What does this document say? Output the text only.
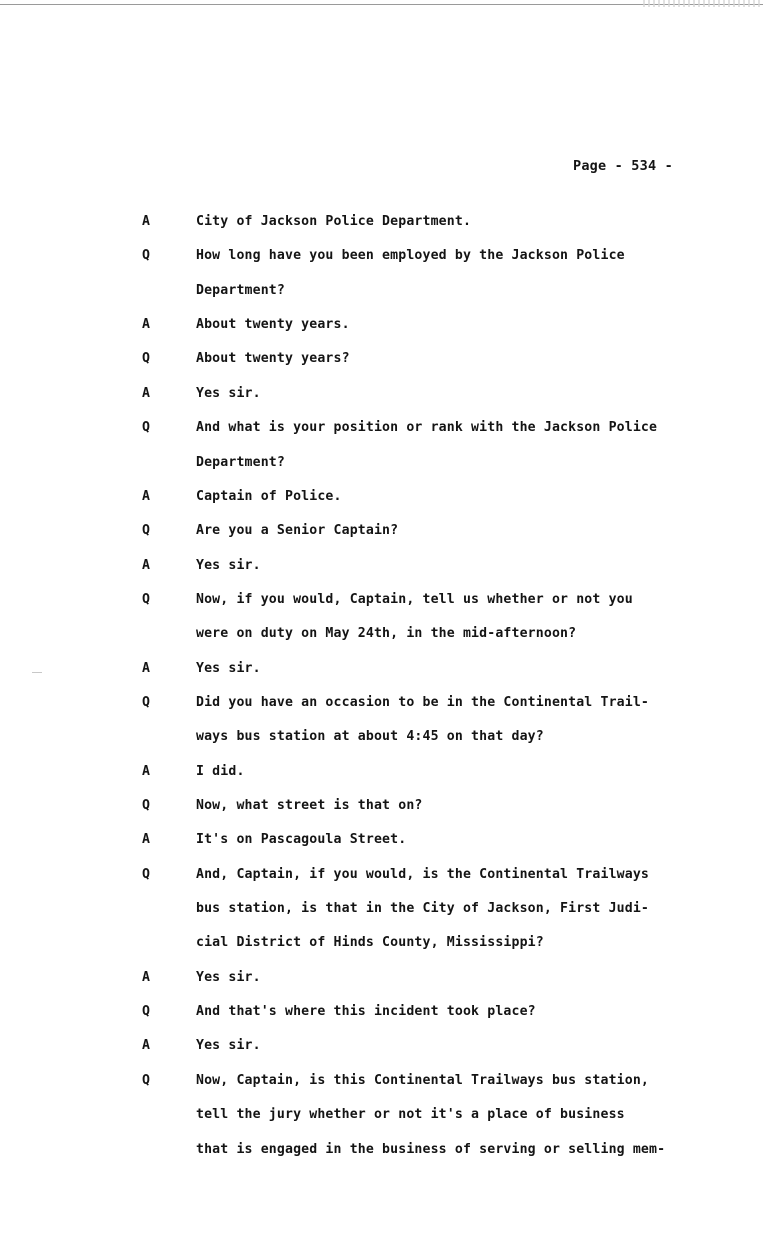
Page - 534 -
A	City of Jackson Police Department.
Q	How long have you been employed by the Jackson Police
Department?
A	About twenty years.
Q	About twenty years?
A	Yes sir.
Q	And what is your position or rank with the Jackson Police
Department?
A	Captain of Police.
Q	Are you a Senior Captain?
A	Yes sir.
Q	Now, if you would, Captain, tell us whether or not you
were on duty on May 24th, in the mid-afternoon?
A	Yes sir.
Q	Did you have an occasion to be in the Continental Trail-
ways bus station at about 4:45 on that day?
A	I did.
Q	Now, what street is that on?
A	It's on Pascagoula Street.
Q	And, Captain, if you would, is the Continental Trailways
bus station, is that in the City of Jackson, First Judi-
cial District of Hinds County, Mississippi?
A	Yes sir.
Q	And that's where this incident took place?
A	Yes sir.
Q	Now, Captain, is this Continental Trailways bus station,
tell the jury whether or not it's a place of business
that is engaged in the business of serving or selling mem-
